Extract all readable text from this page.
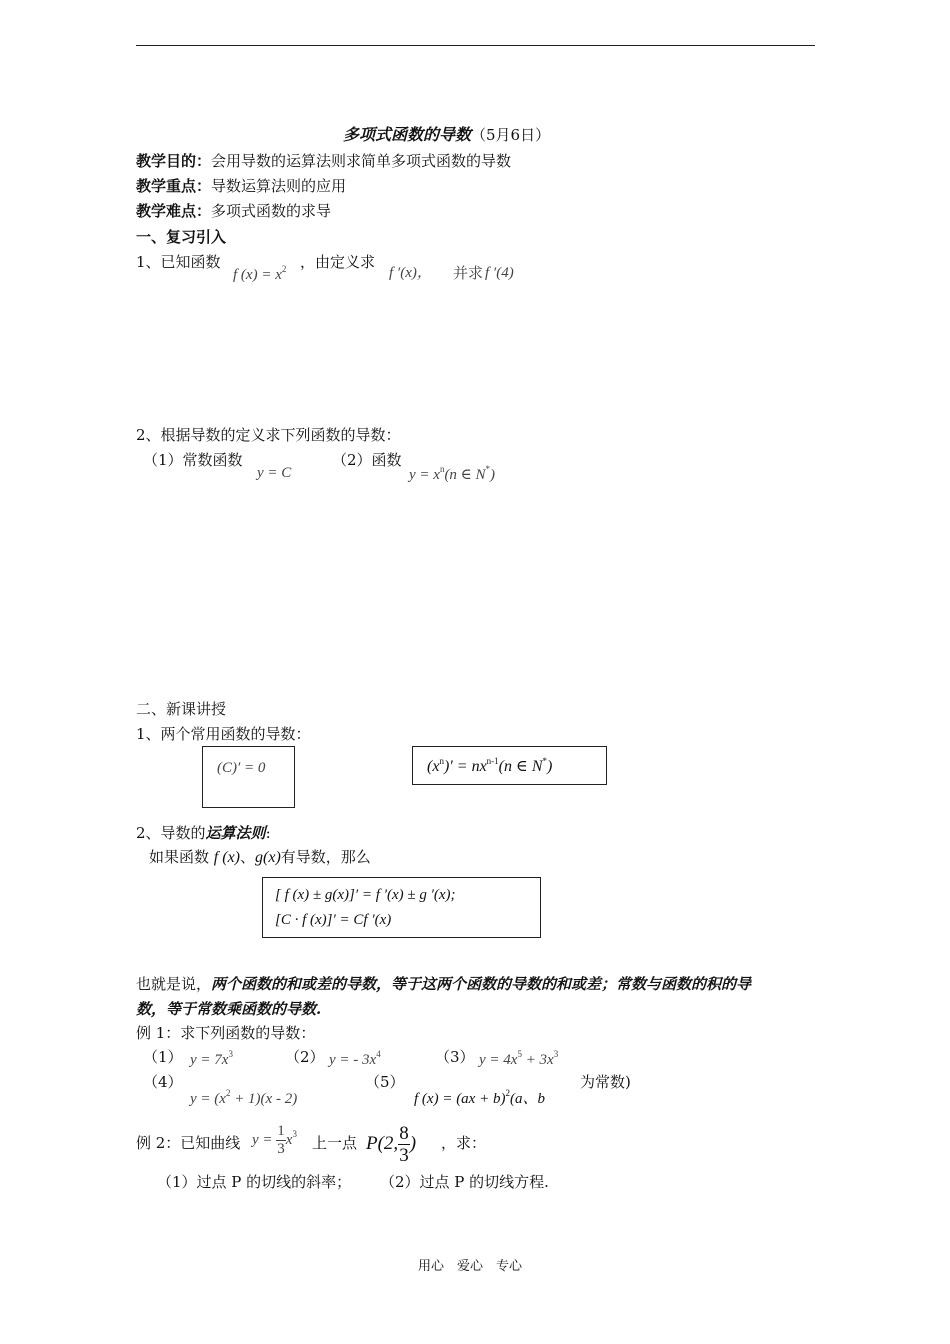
多项式函数的导数（5月6日）
教学目的：会用导数的运算法则求简单多项式函数的导数
教学重点：导数运算法则的应用
教学难点：多项式函数的求导
一、复习引入
1、已知函数
f $(x) = x^2$ ，由定义求
f ′(x)， 并求 f ′(4)
2、根据导数的定义求下列函数的导数：
（1）常数函数
y = C
（2）函数
$y = x^n(n$ ∈ N*)
二、新课讲授
1、两个常用函数的导数：
(C)′ = 0	$(x^n)' = nx^{n-1}(n$ ∈ N*)
2、导数的运算法则:
如果函数 f (x)、g(x)有导数，那么
[ f (x) ± g(x)]′ = f ′(x) ± g ′(x);
[C · f (x)]′ = Cf ′(x)
也就是说，两个函数的和或差的导数，等于这两个函数的导数的和或差；常数与函数的积的导
数，等于常数乘函数的导数.
例 1：求下列函数的导数：
（1） $y = 7x^3$	（2） y = - $3x^4$	（3） $y = 4x^5 + 3x^3$
（4）
$y = (x^2 + 1)(x - 2)$
（5）
f (x) = (ax + b)$^2$(a、b
为常数)
例 2：已知曲线 $y = \frac{1}{3} x^3$
上一点 P(2, $\frac{8}{3}$ ) ，求：
（1）过点 P 的切线的斜率； （2）过点 P 的切线方程.
用心　爱心　专心
